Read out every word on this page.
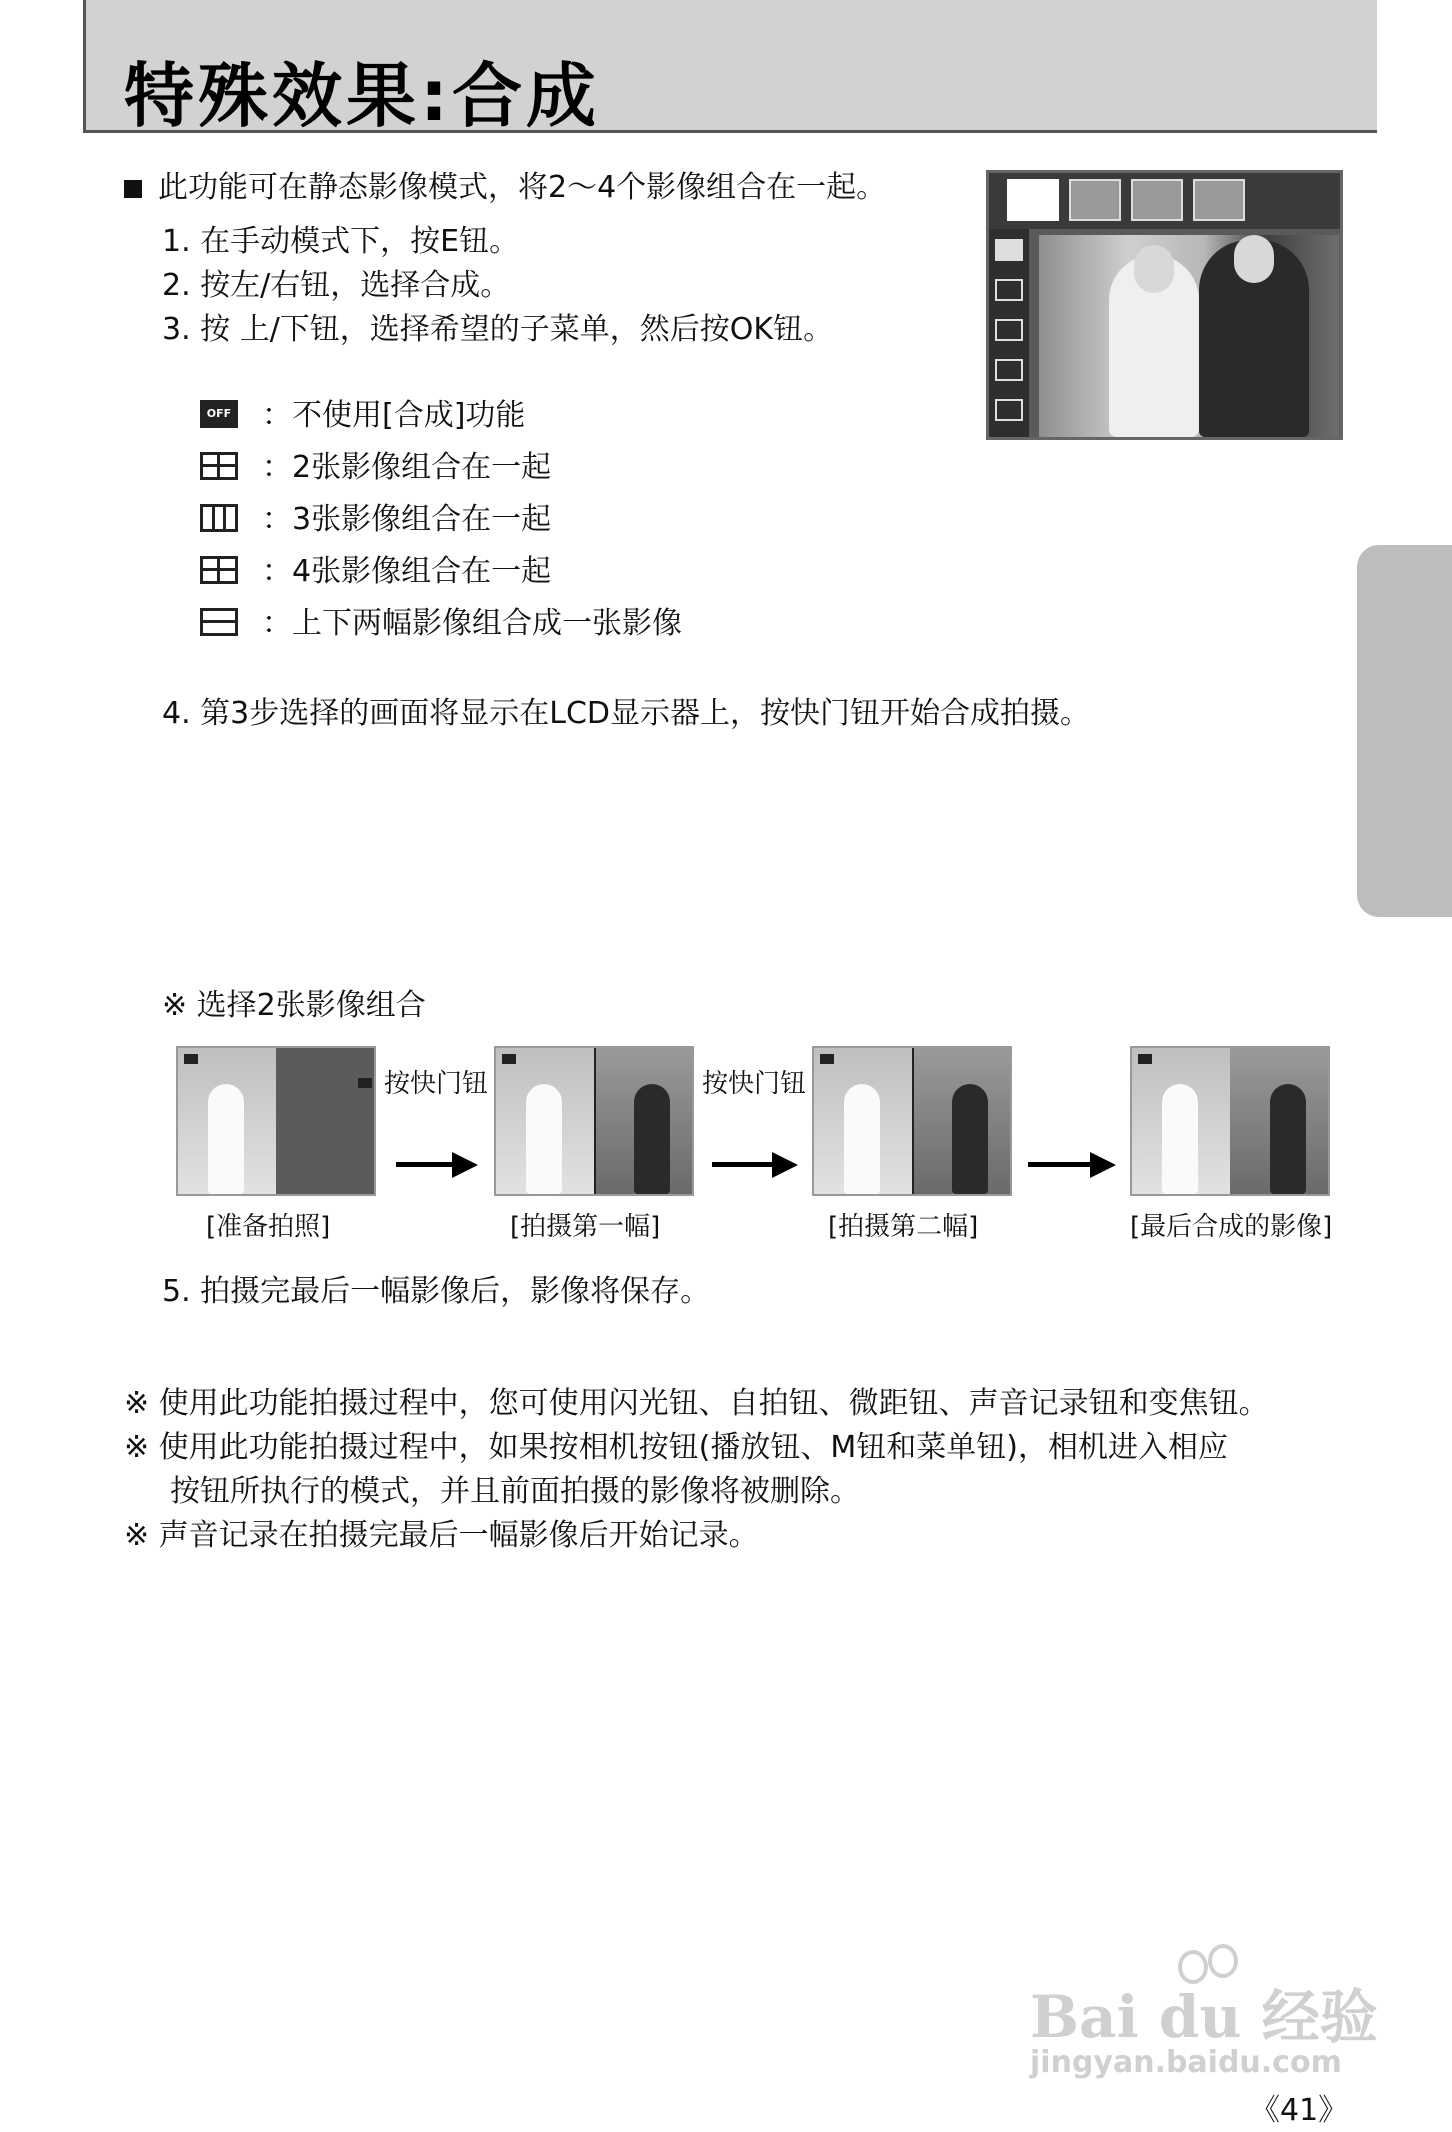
特殊效果:合成
此功能可在静态影像模式，将2～4个影像组合在一起。
1. 在手动模式下，按E钮。
2. 按左/右钮，选择合成。
3. 按 上/下钮，选择希望的子菜单，然后按OK钮。
OFF ：不使用[合成]功能
：2张影像组合在一起
：3张影像组合在一起
：4张影像组合在一起
：上下两幅影像组合成一张影像
4. 第3步选择的画面将显示在LCD显示器上，按快门钮开始合成拍摄。
※ 选择2张影像组合
按快门钮	按快门钮
[准备拍照]	[拍摄第一幅]	[拍摄第二幅]	[最后合成的影像]
5. 拍摄完最后一幅影像后，影像将保存。
※ 使用此功能拍摄过程中，您可使用闪光钮、自拍钮、微距钮、声音记录钮和变焦钮。
※ 使用此功能拍摄过程中，如果按相机按钮(播放钮、M钮和菜单钮)，相机进入相应
按钮所执行的模式，并且前面拍摄的影像将被删除。
※ 声音记录在拍摄完最后一幅影像后开始记录。
Bai du 经验
jingyan.baidu.com
《41》
